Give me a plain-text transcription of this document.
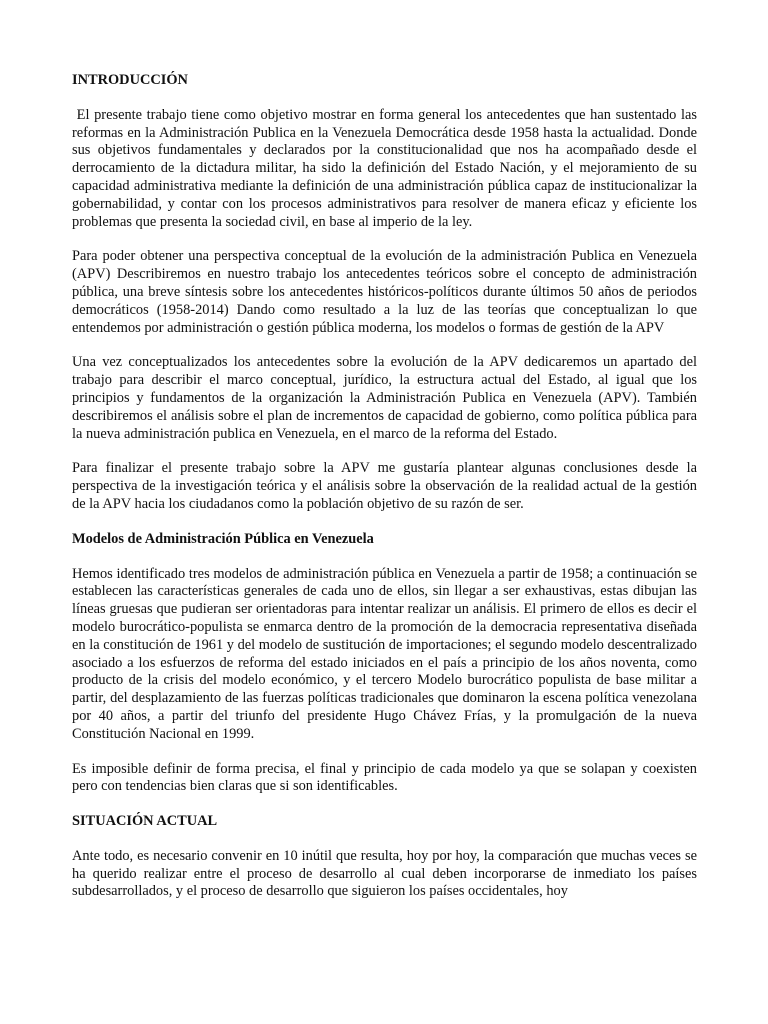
INTRODUCCIÓN

El presente trabajo tiene como objetivo mostrar en forma general los antecedentes que han sustentado las reformas en la Administración Publica en la Venezuela Democrática desde 1958 hasta la actualidad. Donde sus objetivos fundamentales y declarados por la constitucionalidad que nos ha acompañado desde el derrocamiento de la dictadura militar, ha sido la definición del Estado Nación, y el mejoramiento de su capacidad administrativa mediante la definición de una administración pública capaz de institucionalizar la gobernabilidad, y contar con los procesos administrativos para resolver de manera eficaz y eficiente los problemas que presenta la sociedad civil, en base al imperio de la ley.

Para poder obtener una perspectiva conceptual de la evolución de la administración Publica en Venezuela (APV) Describiremos en nuestro trabajo los antecedentes teóricos sobre el concepto de administración pública, una breve síntesis sobre los antecedentes históricos-políticos durante últimos 50 años de periodos democráticos (1958-2014) Dando como resultado a la luz de las teorías que conceptualizan lo que entendemos por administración o gestión pública moderna, los modelos o formas de gestión de la APV

Una vez conceptualizados los antecedentes sobre la evolución de la APV dedicaremos un apartado del trabajo para describir el marco conceptual, jurídico, la estructura actual del Estado, al igual que los principios y fundamentos de la organización la Administración Publica en Venezuela (APV). También describiremos el análisis sobre el plan de incrementos de capacidad de gobierno, como política pública para la nueva administración publica en Venezuela, en el marco de la reforma del Estado.

Para finalizar el presente trabajo sobre la APV me gustaría plantear algunas conclusiones desde la perspectiva de la investigación teórica y el análisis sobre la observación de la realidad actual de la gestión de la APV hacia los ciudadanos como la población objetivo de su razón de ser.

Modelos de Administración Pública en Venezuela

Hemos identificado tres modelos de administración pública en Venezuela a partir de 1958; a continuación se establecen las características generales de cada uno de ellos, sin llegar a ser exhaustivas, estas dibujan las líneas gruesas que pudieran ser orientadoras para intentar realizar un análisis. El primero de ellos es decir el modelo burocrático-populista se enmarca dentro de la promoción de la democracia representativa diseñada en la constitución de 1961 y del modelo de sustitución de importaciones; el segundo modelo descentralizado asociado a los esfuerzos de reforma del estado iniciados en el país a principio de los años noventa, como producto de la crisis del modelo económico, y el tercero Modelo burocrático populista de base militar a partir, del desplazamiento de las fuerzas políticas tradicionales que dominaron la escena política venezolana por 40 años, a partir del triunfo del presidente Hugo Chávez Frías, y la promulgación de la nueva Constitución Nacional en 1999.

Es imposible definir de forma precisa, el final y principio de cada modelo ya que se solapan y coexisten pero con tendencias bien claras que si son identificables.

SITUACIÓN ACTUAL

Ante todo, es necesario convenir en 10 inútil que resulta, hoy por hoy, la comparación que muchas veces se ha querido realizar entre el proceso de desarrollo al cual deben incorporarse de inmediato los países subdesarrollados, y el proceso de desarrollo que siguieron los países occidentales, hoy
